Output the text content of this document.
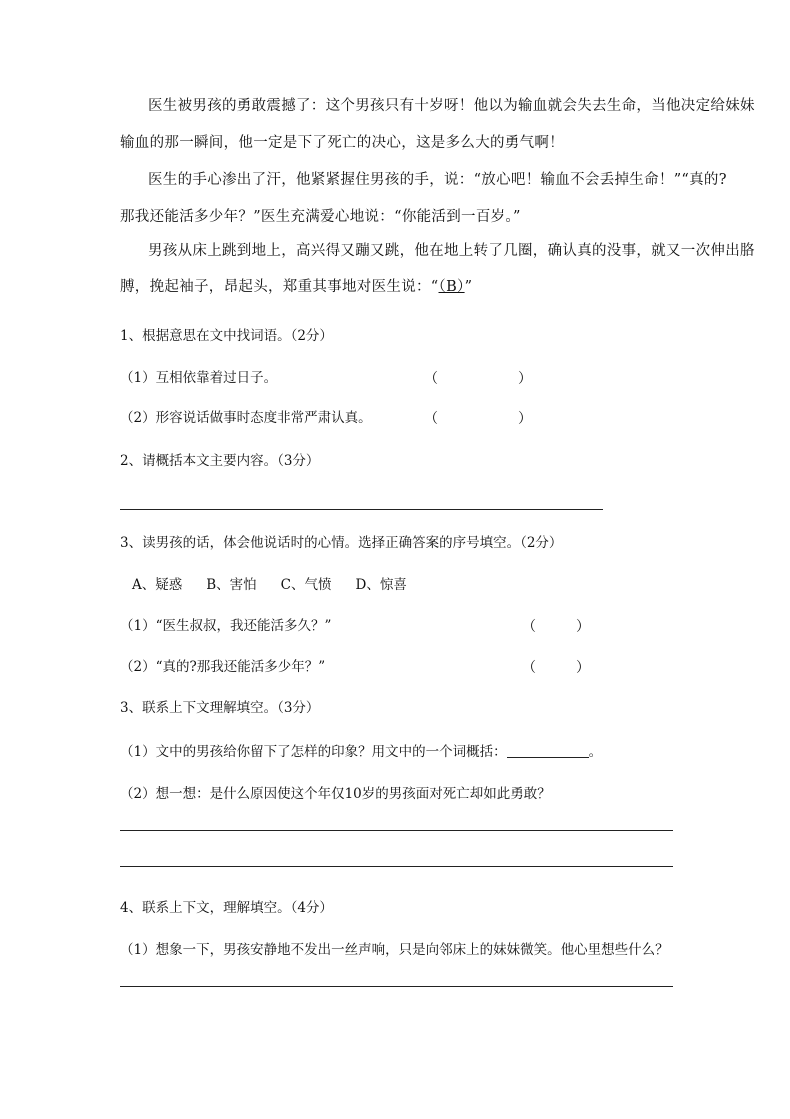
医生被男孩的勇敢震撼了：这个男孩只有十岁呀！他以为输血就会失去生命，当他决定给妹妹
输血的那一瞬间，他一定是下了死亡的决心，这是多么大的勇气啊！
医生的手心渗出了汗，他紧紧握住男孩的手，说：“放心吧！输血不会丢掉生命！”“真的?
那我还能活多少年？”医生充满爱心地说：“你能活到一百岁。”
男孩从床上跳到地上，高兴得又蹦又跳，他在地上转了几圈，确认真的没事，就又一次伸出胳
膊，挽起袖子，昂起头，郑重其事地对医生说：“（B）”
1、根据意思在文中找词语。（2分）
（1）互相依靠着过日子。	（	）
（2）形容说话做事时态度非常严肃认真。	（	）
2、请概括本文主要内容。（3分）
3、读男孩的话，体会他说话时的心情。选择正确答案的序号填空。（2分）
A、疑惑 B、害怕 C、气愤 D、惊喜
（1）“医生叔叔，我还能活多久？”	（	）
（2）“真的?那我还能活多少年？”	（	）
3、联系上下文理解填空。（3分）
（1）文中的男孩给你留下了怎样的印象？用文中的一个词概括：	。
（2）想一想：是什么原因使这个年仅10岁的男孩面对死亡却如此勇敢？
4、联系上下文，理解填空。（4分）
（1）想象一下，男孩安静地不发出一丝声响，只是向邻床上的妹妹微笑。他心里想些什么？
